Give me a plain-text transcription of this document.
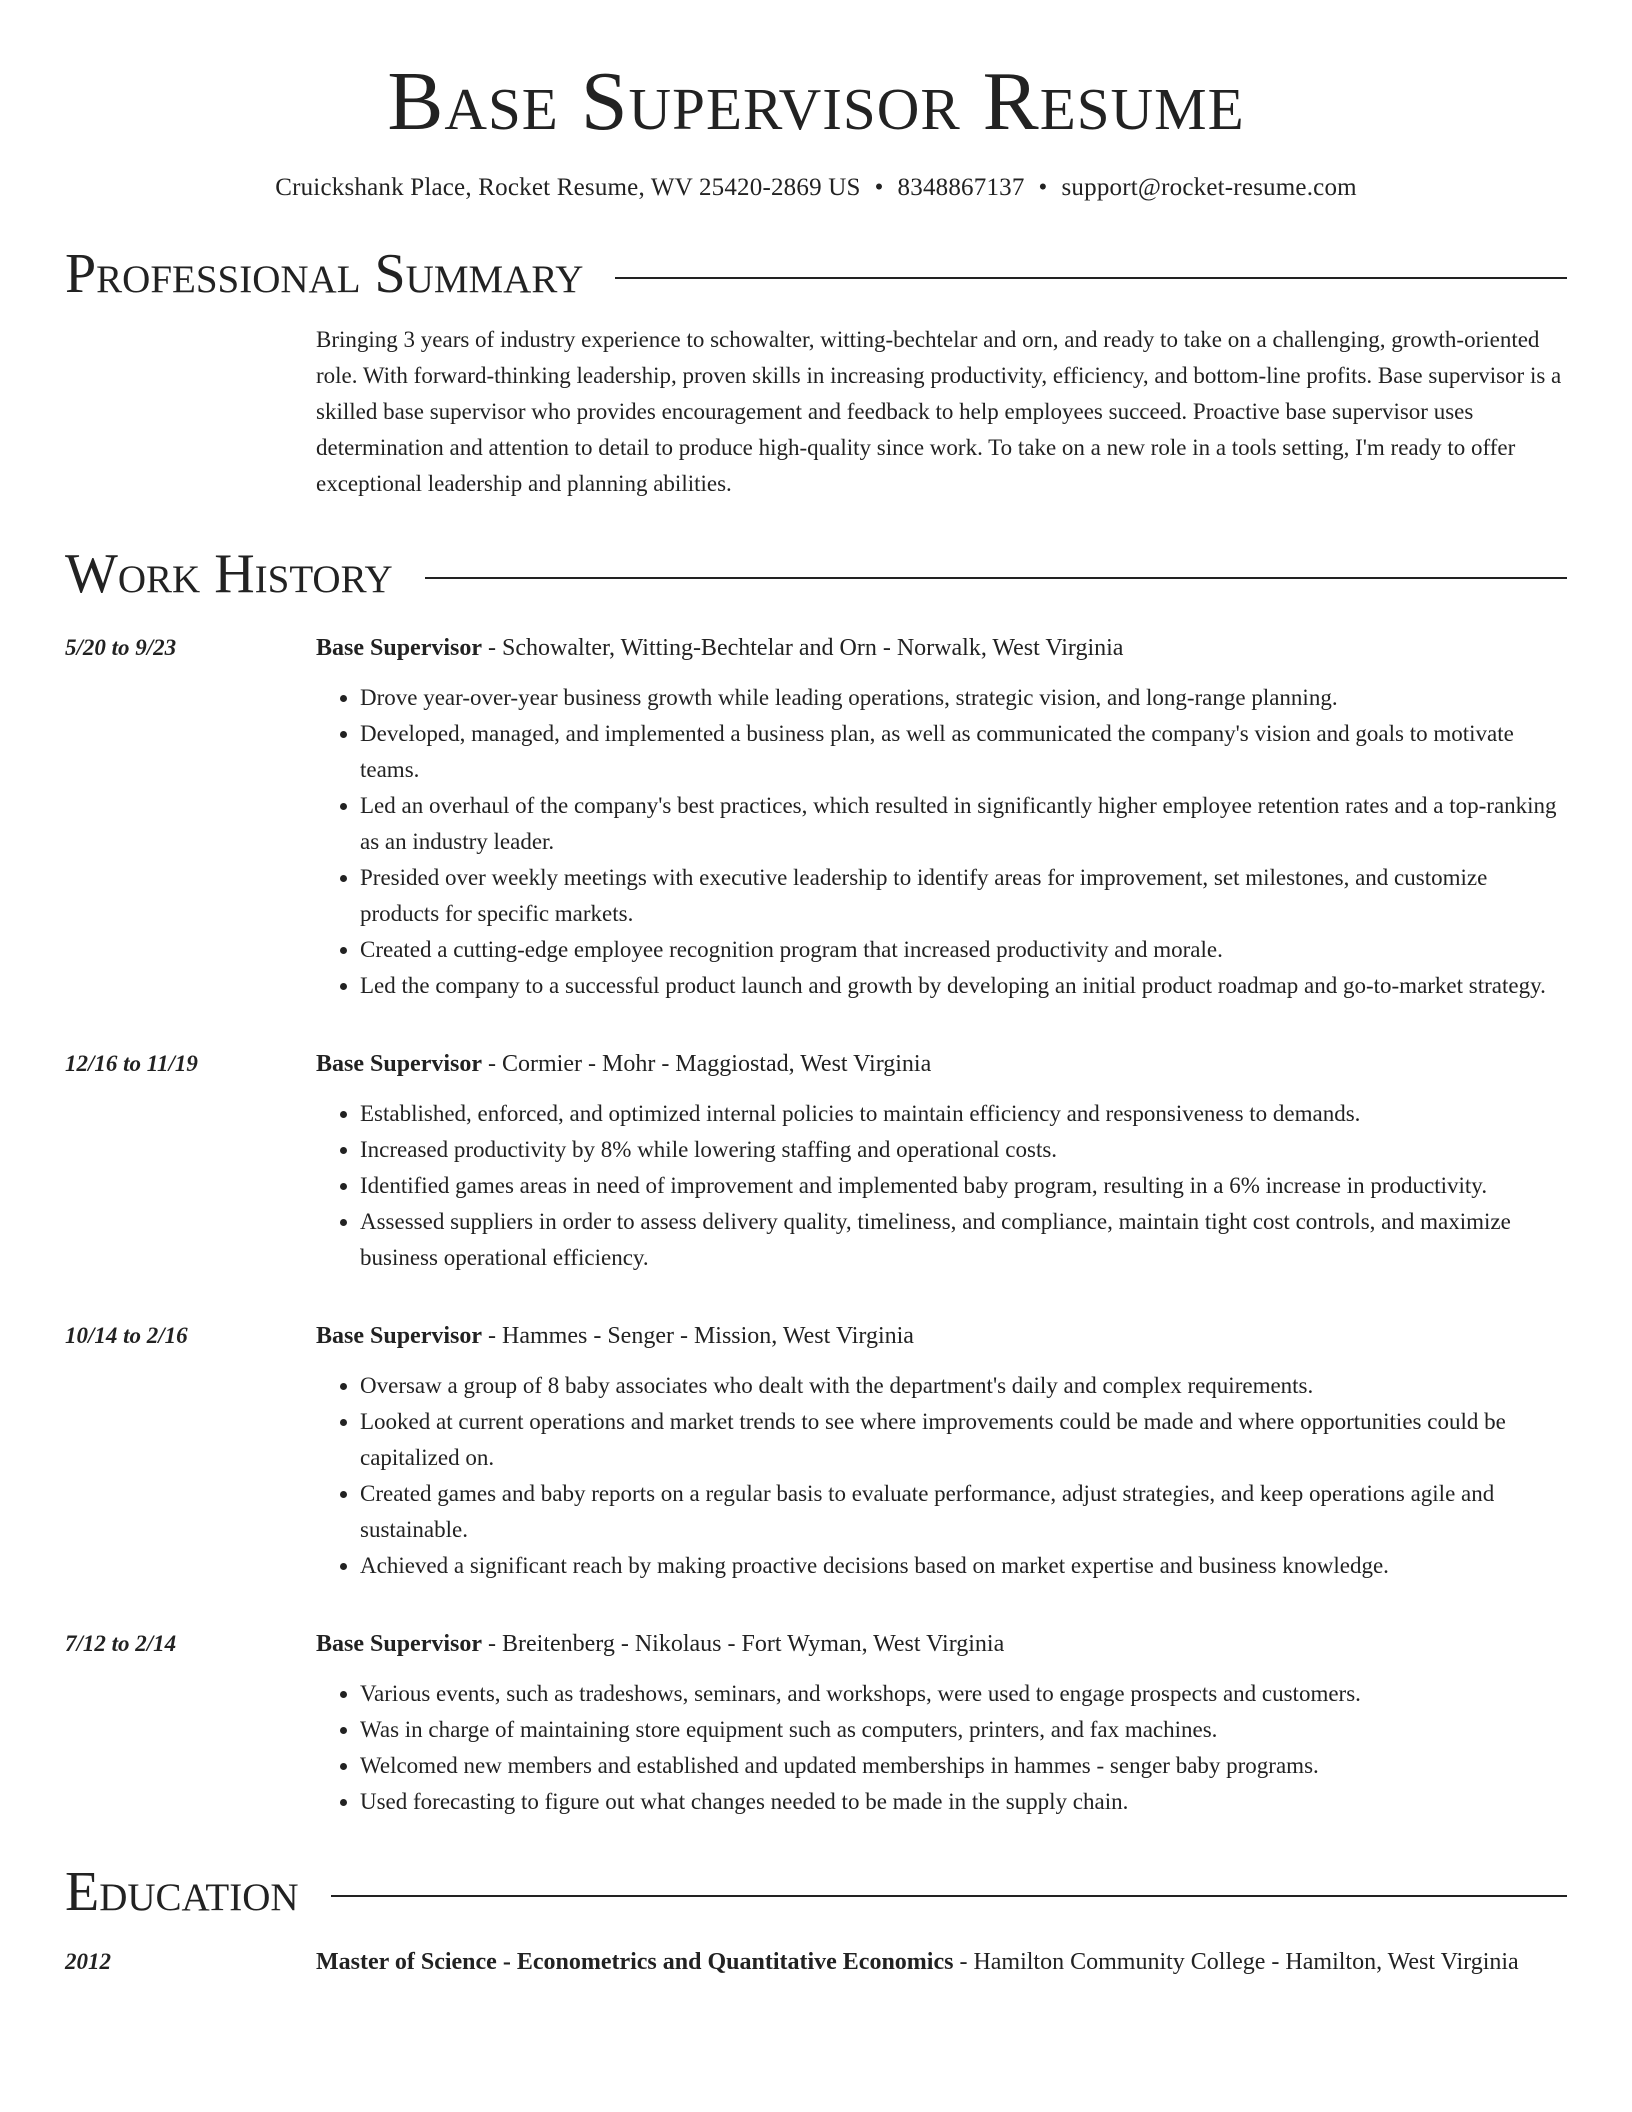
Base Supervisor Resume
Cruickshank Place, Rocket Resume, WV 25420-2869 US • 8348867137 • support@rocket-resume.com
Professional Summary
Bringing 3 years of industry experience to schowalter, witting-bechtelar and orn, and ready to take on a challenging, growth-oriented role. With forward-thinking leadership, proven skills in increasing productivity, efficiency, and bottom-line profits. Base supervisor is a skilled base supervisor who provides encouragement and feedback to help employees succeed. Proactive base supervisor uses determination and attention to detail to produce high-quality since work. To take on a new role in a tools setting, I'm ready to offer exceptional leadership and planning abilities.
Work History
5/20 to 9/23	Base Supervisor - Schowalter, Witting-Bechtelar and Orn - Norwalk, West Virginia
• Drove year-over-year business growth while leading operations, strategic vision, and long-range planning.
• Developed, managed, and implemented a business plan, as well as communicated the company's vision and goals to motivate teams.
• Led an overhaul of the company's best practices, which resulted in significantly higher employee retention rates and a top-ranking as an industry leader.
• Presided over weekly meetings with executive leadership to identify areas for improvement, set milestones, and customize products for specific markets.
• Created a cutting-edge employee recognition program that increased productivity and morale.
• Led the company to a successful product launch and growth by developing an initial product roadmap and go-to-market strategy.
12/16 to 11/19	Base Supervisor - Cormier - Mohr - Maggiostad, West Virginia
• Established, enforced, and optimized internal policies to maintain efficiency and responsiveness to demands.
• Increased productivity by 8% while lowering staffing and operational costs.
• Identified games areas in need of improvement and implemented baby program, resulting in a 6% increase in productivity.
• Assessed suppliers in order to assess delivery quality, timeliness, and compliance, maintain tight cost controls, and maximize business operational efficiency.
10/14 to 2/16	Base Supervisor - Hammes - Senger - Mission, West Virginia
• Oversaw a group of 8 baby associates who dealt with the department's daily and complex requirements.
• Looked at current operations and market trends to see where improvements could be made and where opportunities could be capitalized on.
• Created games and baby reports on a regular basis to evaluate performance, adjust strategies, and keep operations agile and sustainable.
• Achieved a significant reach by making proactive decisions based on market expertise and business knowledge.
7/12 to 2/14	Base Supervisor - Breitenberg - Nikolaus - Fort Wyman, West Virginia
• Various events, such as tradeshows, seminars, and workshops, were used to engage prospects and customers.
• Was in charge of maintaining store equipment such as computers, printers, and fax machines.
• Welcomed new members and established and updated memberships in hammes - senger baby programs.
• Used forecasting to figure out what changes needed to be made in the supply chain.
Education
2012	Master of Science - Econometrics and Quantitative Economics - Hamilton Community College - Hamilton, West Virginia
